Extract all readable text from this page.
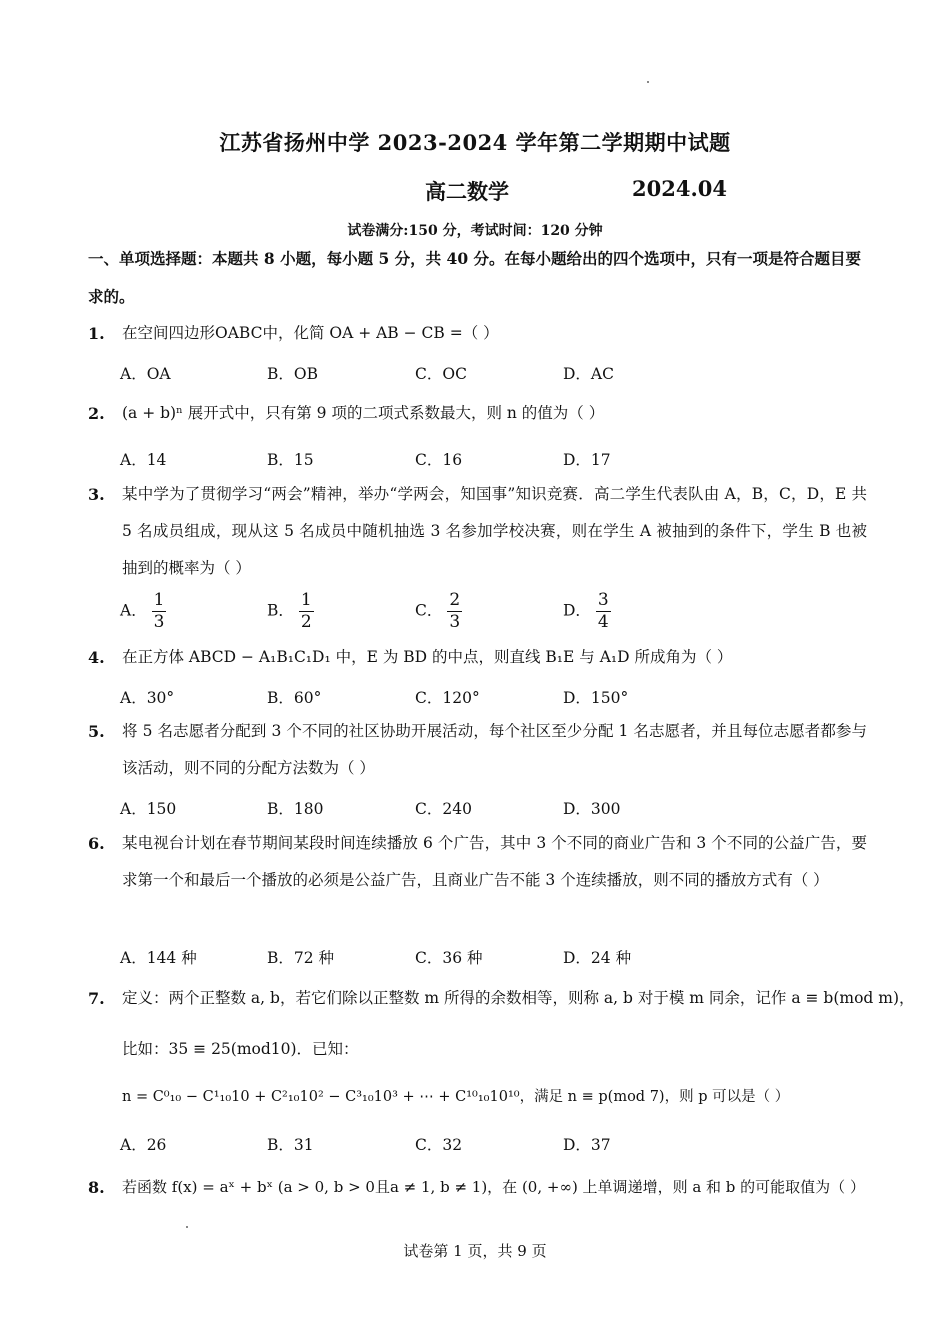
江苏省扬州中学 2023-2024 学年第二学期期中试题
高二数学	2024.04
试卷满分:150 分，考试时间：120 分钟
一、单项选择题：本题共 8 小题，每小题 5 分，共 40 分。在每小题给出的四个选项中，只有一项是符合题目要求的。
1. 在空间四边形OABC中，化简 OA + AB − CB =（ ）
A．OA	B．OB	C．OC	D．AC
2. (a + b)ⁿ 展开式中，只有第 9 项的二项式系数最大，则 n 的值为（ ）
A．14	B．15	C．16	D．17
3. 某中学为了贯彻学习“两会”精神，举办“学两会，知国事”知识竞赛．高二学生代表队由 A，B，C，D，E 共 5 名成员组成，现从这 5 名成员中随机抽选 3 名参加学校决赛，则在学生 A 被抽到的条件下，学生 B 也被抽到的概率为（ ）
A． $\frac{1}{3}$	B． $\frac{1}{2}$	C． $\frac{2}{3}$	D． $\frac{3}{4}$
4. 在正方体 ABCD − A₁B₁C₁D₁ 中，E 为 BD 的中点，则直线 B₁E 与 A₁D 所成角为（ ）
A．30°	B．60°	C．120°	D．150°
5. 将 5 名志愿者分配到 3 个不同的社区协助开展活动，每个社区至少分配 1 名志愿者，并且每位志愿者都参与该活动，则不同的分配方法数为（ ）
A．150	B．180	C．240	D．300
6. 某电视台计划在春节期间某段时间连续播放 6 个广告，其中 3 个不同的商业广告和 3 个不同的公益广告，要求第一个和最后一个播放的必须是公益广告，且商业广告不能 3 个连续播放，则不同的播放方式有（ ）
A．144 种	B．72 种	C．36 种	D．24 种
7. 定义：两个正整数 a, b，若它们除以正整数 m 所得的余数相等，则称 a, b 对于模 m 同余，记作 a ≡ b(mod m)，
比如：35 ≡ 25(mod10)．已知：
n = C⁰₁₀ − C¹₁₀10 + C²₁₀10² − C³₁₀10³ + ⋯ + C¹⁰₁₀10¹⁰，满足 n ≡ p(mod 7)，则 p 可以是（ ）
A．26	B．31	C．32	D．37
8. 若函数 f(x) = aˣ + bˣ (a > 0, b > 0且a ≠ 1, b ≠ 1)，在 (0, +∞) 上单调递增，则 a 和 b 的可能取值为（ ）
试卷第 1 页，共 9 页
